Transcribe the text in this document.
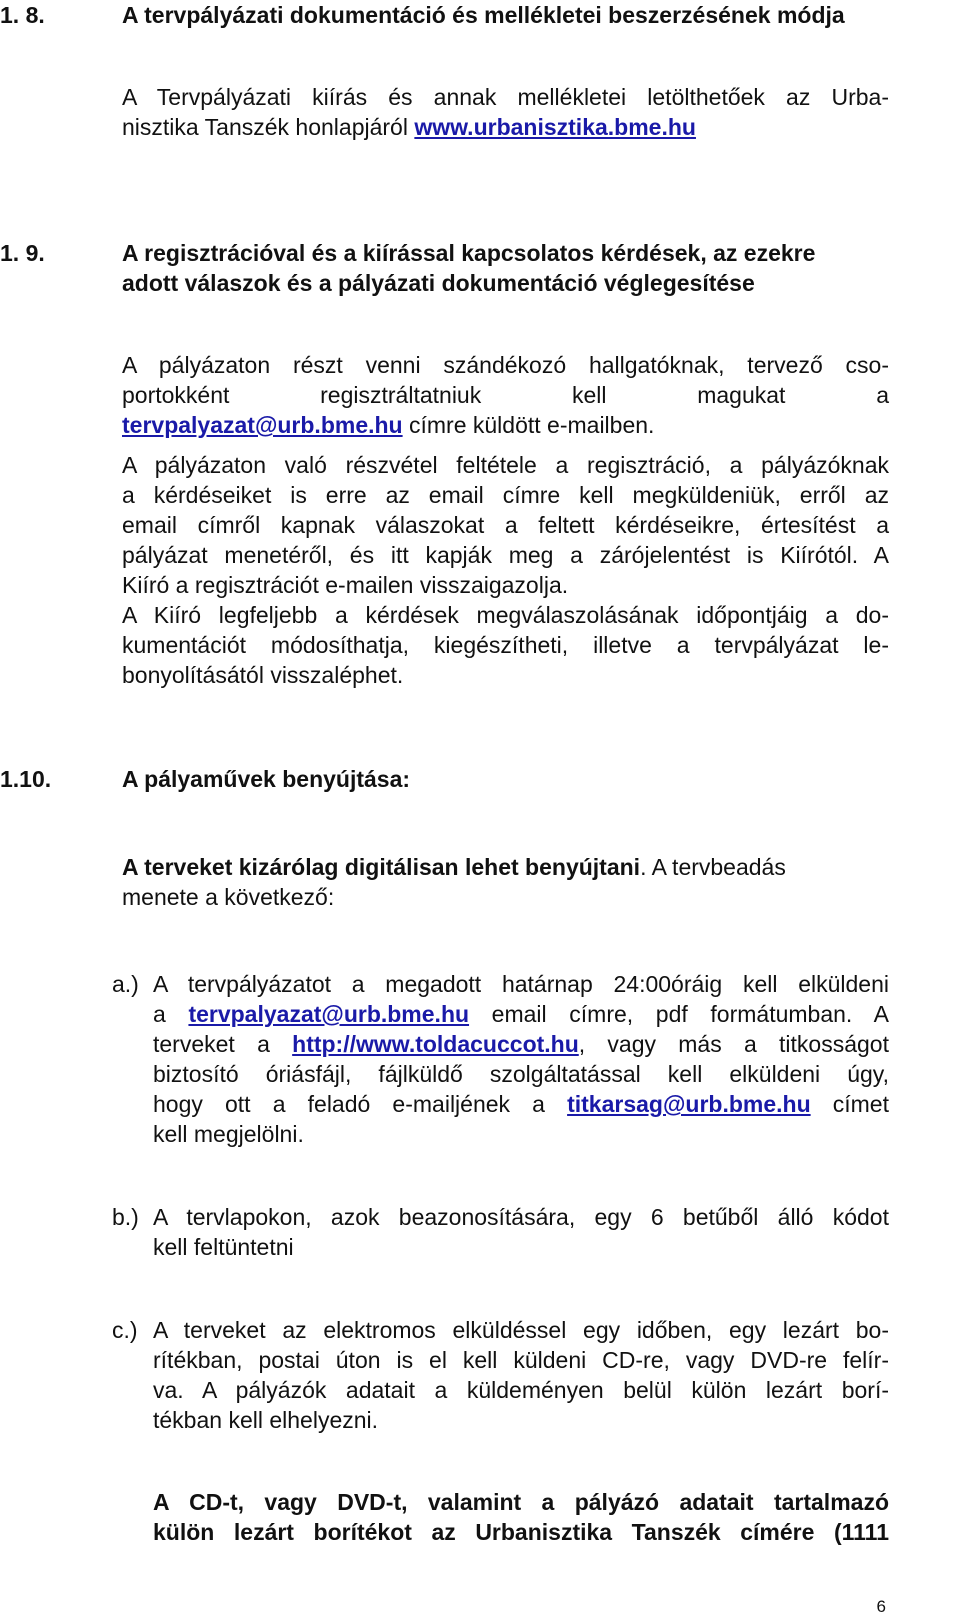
1. 8.	A tervpályázati dokumentáció és mellékletei beszerzésének módja
A Tervpályázati kiírás és annak mellékletei letölthetőek az Urba-
nisztika Tanszék honlapjáról www.urbanisztika.bme.hu
1. 9.	A regisztrációval és a kiírással kapcsolatos kérdések, az ezekre
adott válaszok és a pályázati dokumentáció véglegesítése
A pályázaton részt venni szándékozó hallgatóknak, tervező cso-
portokként regisztráltatniuk kell magukat a
tervpalyazat@urb.bme.hu címre küldött e-mailben.
A pályázaton való részvétel feltétele a regisztráció, a pályázóknak
a kérdéseiket is erre az email címre kell megküldeniük, erről az
email címről kapnak válaszokat a feltett kérdéseikre, értesítést a
pályázat menetéről, és itt kapják meg a zárójelentést is Kiírótól. A
Kiíró a regisztrációt e-mailen visszaigazolja.
A Kiíró legfeljebb a kérdések megválaszolásának időpontjáig a do-
kumentációt módosíthatja, kiegészítheti, illetve a tervpályázat le-
bonyolításától visszaléphet.
1.10.	A pályaművek benyújtása:
A terveket kizárólag digitálisan lehet benyújtani. A tervbeadás
menete a következő:
a.) A tervpályázatot a megadott határnap 24:00óráig kell elküldeni
a tervpalyazat@urb.bme.hu email címre, pdf formátumban. A
terveket a http://www.toldacuccot.hu, vagy más a titkosságot
biztosító óriásfájl, fájlküldő szolgáltatással kell elküldeni úgy,
hogy ott a feladó e-mailjének a titkarsag@urb.bme.hu címet
kell megjelölni.
b.) A tervlapokon, azok beazonosítására, egy 6 betűből álló kódot
kell feltüntetni
c.) A terveket az elektromos elküldéssel egy időben, egy lezárt bo-
rítékban, postai úton is el kell küldeni CD-re, vagy DVD-re felír-
va. A pályázók adatait a küldeményen belül külön lezárt borí-
tékban kell elhelyezni.
A CD-t, vagy DVD-t, valamint a pályázó adatait tartalmazó
külön lezárt borítékot az Urbanisztika Tanszék címére (1111
6
